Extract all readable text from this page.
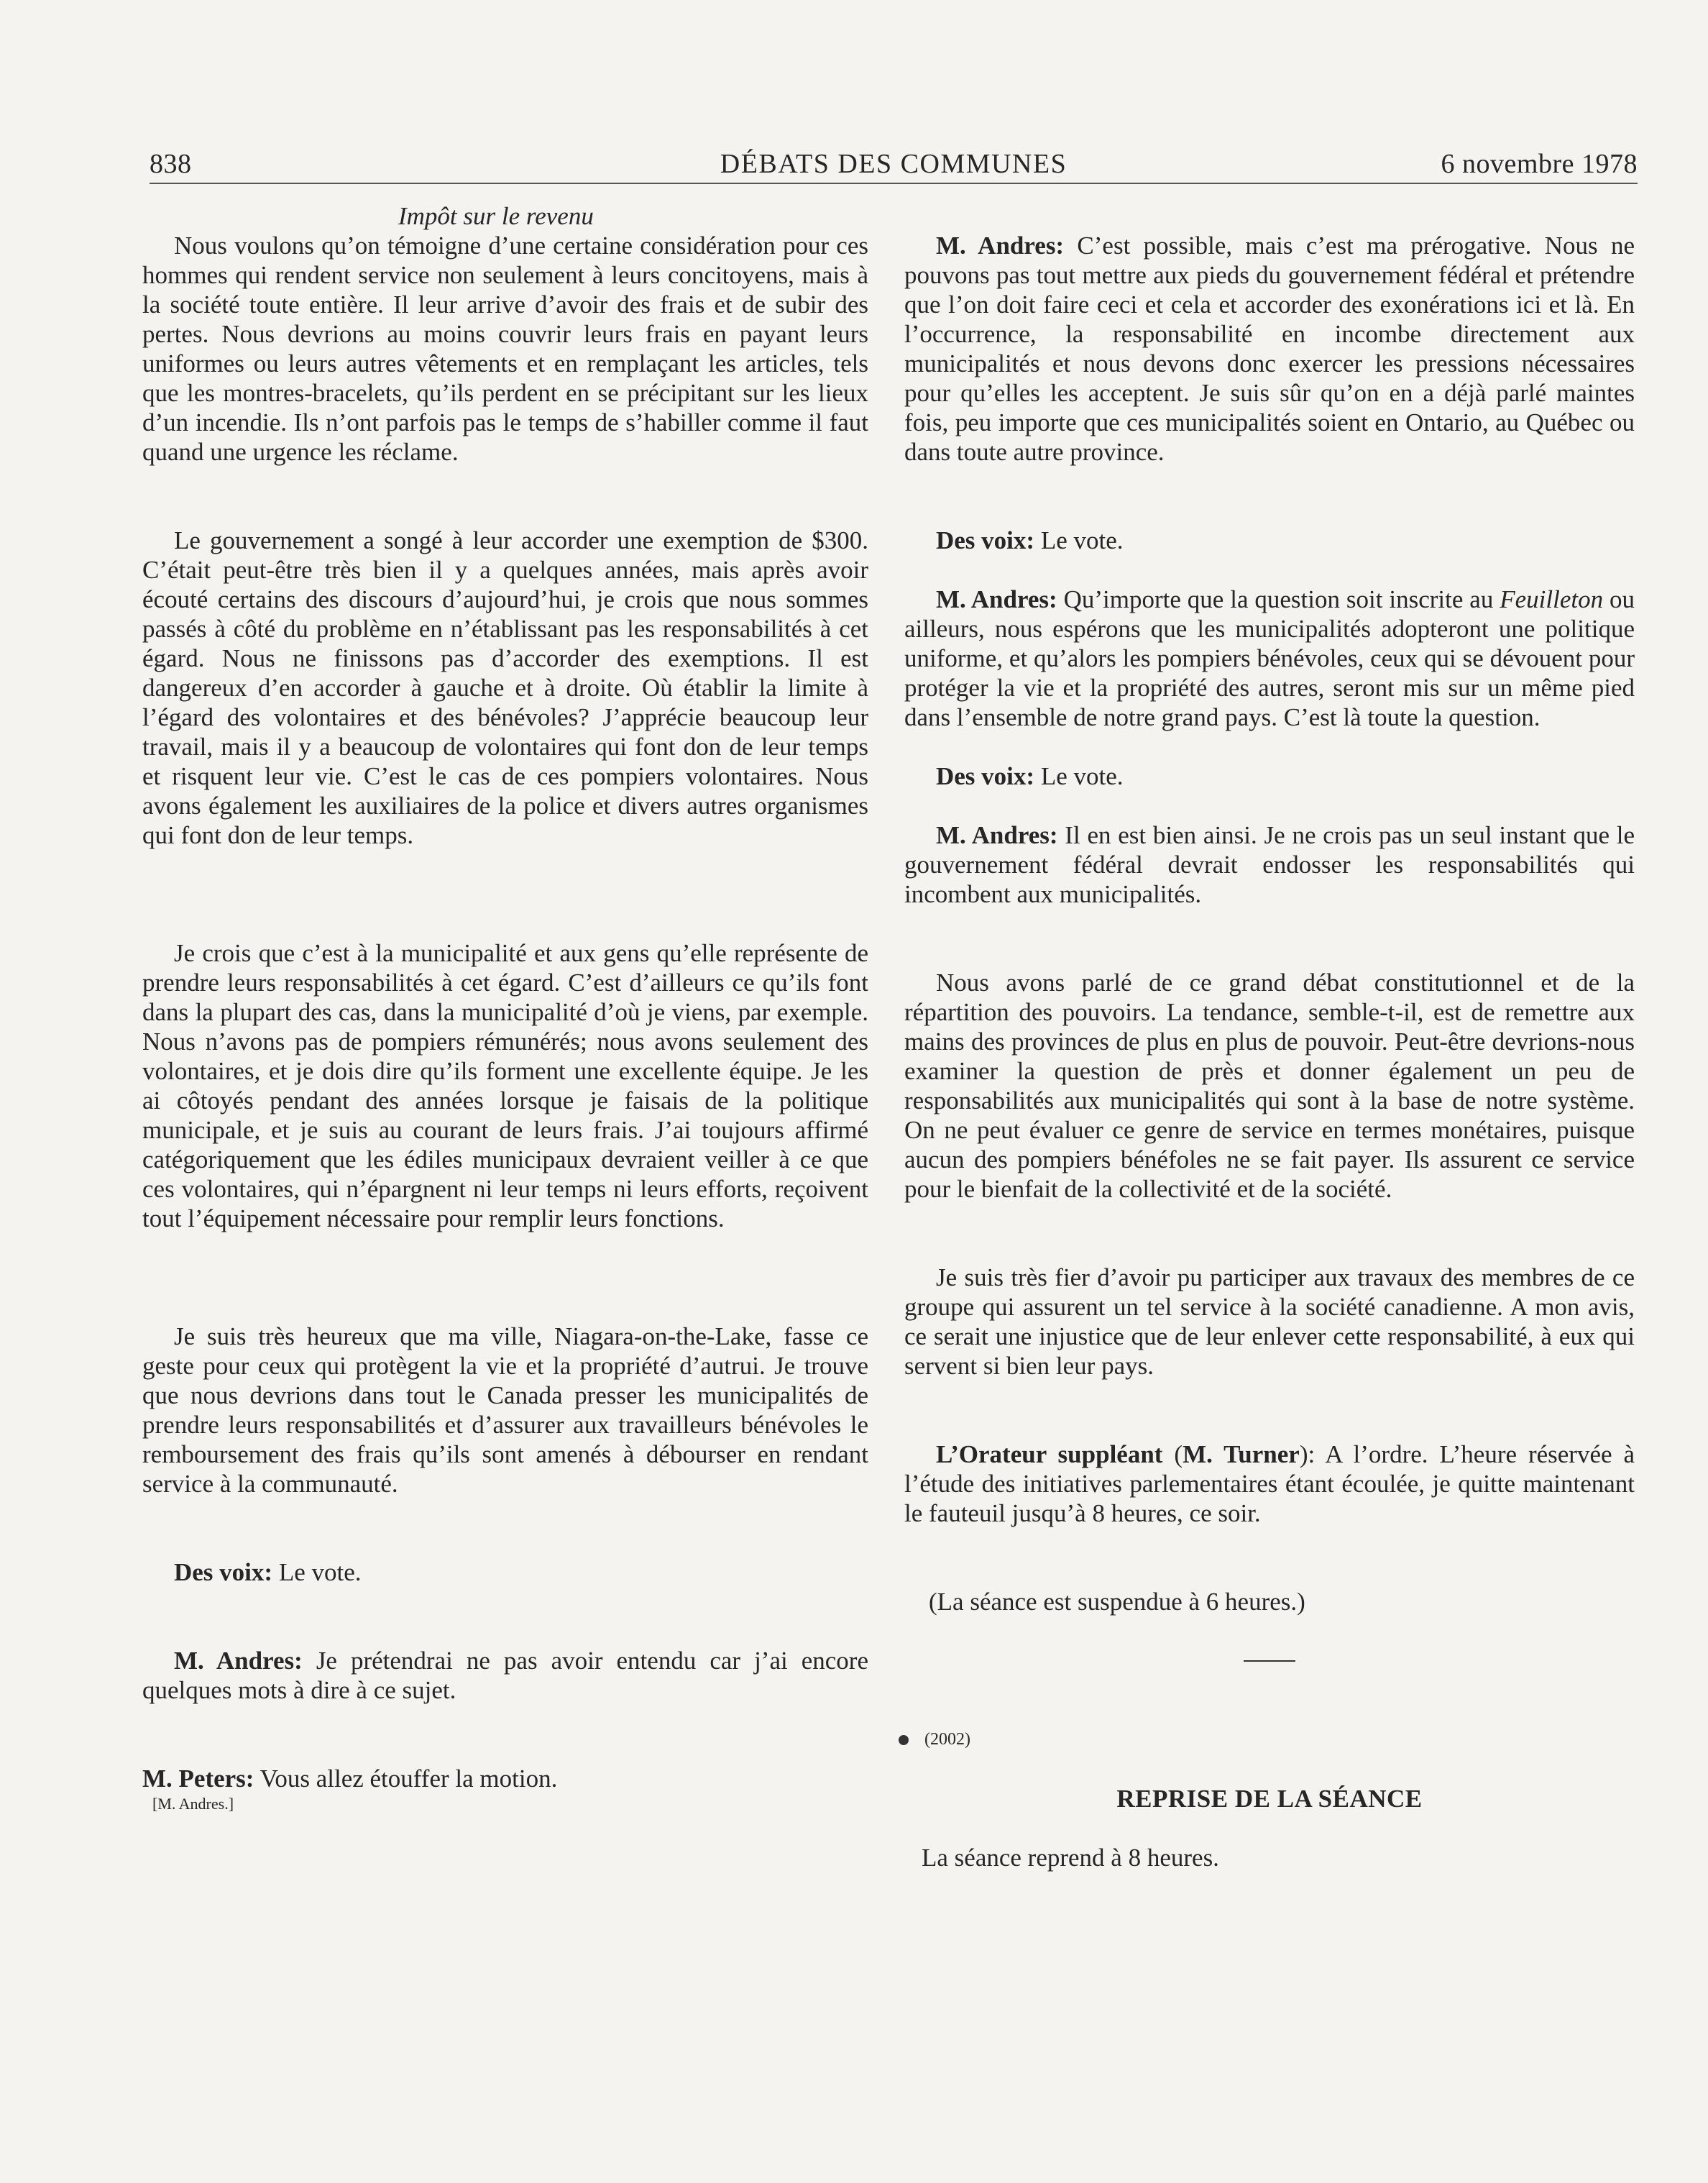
838	DÉBATS DES COMMUNES	6 novembre 1978

Impôt sur le revenu

Nous voulons qu’on témoigne d’une certaine considération pour ces hommes qui rendent service non seulement à leurs concitoyens, mais à la société toute entière. Il leur arrive d’avoir des frais et de subir des pertes. Nous devrions au moins couvrir leurs frais en payant leurs uniformes ou leurs autres vêtements et en remplaçant les articles, tels que les montres-bracelets, qu’ils perdent en se précipitant sur les lieux d’un incendie. Ils n’ont parfois pas le temps de s’habiller comme il faut quand une urgence les réclame.

Le gouvernement a songé à leur accorder une exemption de $300. C’était peut-être très bien il y a quelques années, mais après avoir écouté certains des discours d’aujourd’hui, je crois que nous sommes passés à côté du problème en n’établissant pas les responsabilités à cet égard. Nous ne finissons pas d’accorder des exemptions. Il est dangereux d’en accorder à gauche et à droite. Où établir la limite à l’égard des volontaires et des bénévoles? J’apprécie beaucoup leur travail, mais il y a beaucoup de volontaires qui font don de leur temps et risquent leur vie. C’est le cas de ces pompiers volontaires. Nous avons également les auxiliaires de la police et divers autres organismes qui font don de leur temps.

Je crois que c’est à la municipalité et aux gens qu’elle représente de prendre leurs responsabilités à cet égard. C’est d’ailleurs ce qu’ils font dans la plupart des cas, dans la municipalité d’où je viens, par exemple. Nous n’avons pas de pompiers rémunérés; nous avons seulement des volontaires, et je dois dire qu’ils forment une excellente équipe. Je les ai côtoyés pendant des années lorsque je faisais de la politique municipale, et je suis au courant de leurs frais. J’ai toujours affirmé catégoriquement que les édiles municipaux devraient veiller à ce que ces volontaires, qui n’épargnent ni leur temps ni leurs efforts, reçoivent tout l’équipement nécessaire pour remplir leurs fonctions.

Je suis très heureux que ma ville, Niagara-on-the-Lake, fasse ce geste pour ceux qui protègent la vie et la propriété d’autrui. Je trouve que nous devrions dans tout le Canada presser les municipalités de prendre leurs responsabilités et d’assurer aux travailleurs bénévoles le remboursement des frais qu’ils sont amenés à débourser en rendant service à la communauté.

Des voix: Le vote.

M. Andres: Je prétendrai ne pas avoir entendu car j’ai encore quelques mots à dire à ce sujet.

M. Peters: Vous allez étouffer la motion.

[M. Andres.]

M. Andres: C’est possible, mais c’est ma prérogative. Nous ne pouvons pas tout mettre aux pieds du gouvernement fédéral et prétendre que l’on doit faire ceci et cela et accorder des exonérations ici et là. En l’occurrence, la responsabilité en incombe directement aux municipalités et nous devons donc exercer les pressions nécessaires pour qu’elles les acceptent. Je suis sûr qu’on en a déjà parlé maintes fois, peu importe que ces municipalités soient en Ontario, au Québec ou dans toute autre province.

Des voix: Le vote.

M. Andres: Qu’importe que la question soit inscrite au Feuilleton ou ailleurs, nous espérons que les municipalités adopteront une politique uniforme, et qu’alors les pompiers bénévoles, ceux qui se dévouent pour protéger la vie et la propriété des autres, seront mis sur un même pied dans l’ensemble de notre grand pays. C’est là toute la question.

Des voix: Le vote.

M. Andres: Il en est bien ainsi. Je ne crois pas un seul instant que le gouvernement fédéral devrait endosser les responsabilités qui incombent aux municipalités.

Nous avons parlé de ce grand débat constitutionnel et de la répartition des pouvoirs. La tendance, semble-t-il, est de remettre aux mains des provinces de plus en plus de pouvoir. Peut-être devrions-nous examiner la question de près et donner également un peu de responsabilités aux municipalités qui sont à la base de notre système. On ne peut évaluer ce genre de service en termes monétaires, puisque aucun des pompiers bénéfoles ne se fait payer. Ils assurent ce service pour le bienfait de la collectivité et de la société.

Je suis très fier d’avoir pu participer aux travaux des membres de ce groupe qui assurent un tel service à la société canadienne. A mon avis, ce serait une injustice que de leur enlever cette responsabilité, à eux qui servent si bien leur pays.

L’Orateur suppléant (M. Turner): A l’ordre. L’heure réservée à l’étude des initiatives parlementaires étant écoulée, je quitte maintenant le fauteuil jusqu’à 8 heures, ce soir.

(La séance est suspendue à 6 heures.)

(2002)

REPRISE DE LA SÉANCE

La séance reprend à 8 heures.
